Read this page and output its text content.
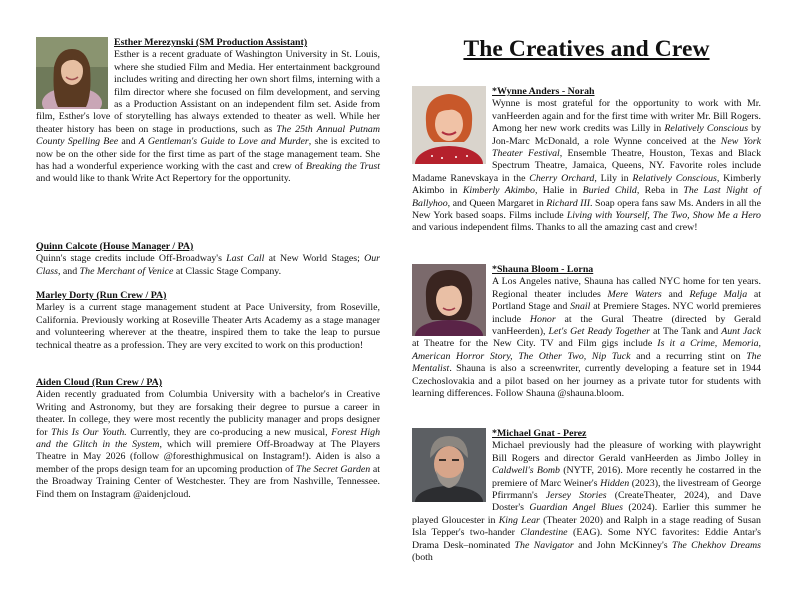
Esther Merezynski (SM Production Assistant)
Esther is a recent graduate of Washington University in St. Louis, where she studied Film and Media. Her entertainment background includes writing and directing her own short films, interning with a film director where she focused on film development, and serving as a Production Assistant on an independent film set. Aside from film, Esther's love of storytelling has always extended to theater as well. While her theater history has been on stage in productions, such as The 25th Annual Putnam County Spelling Bee and A Gentleman's Guide to Love and Murder, she is excited to now be on the other side for the first time as part of the stage management team. She has had a wonderful experience working with the cast and crew of Breaking the Trust and would like to thank Write Act Repertory for the opportunity.

Quinn Calcote (House Manager / PA)
Quinn's stage credits include Off-Broadway's Last Call at New World Stages; Our Class, and The Merchant of Venice at Classic Stage Company.

Marley Dorty (Run Crew / PA)
Marley is a current stage management student at Pace University, from Roseville, California. Previously working at Roseville Theater Arts Academy as a stage manager and volunteering wherever at the theatre, inspired them to take the leap to pursue technical theatre as a profession. They are very excited to work on this production!

Aiden Cloud (Run Crew / PA)
Aiden recently graduated from Columbia University with a bachelor's in Creative Writing and Astronomy, but they are forsaking their degree to pursue a career in theater. In college, they were most recently the publicity manager and props designer for This Is Our Youth. Currently, they are co-producing a new musical, Forest High and the Glitch in the System, which will premiere Off-Broadway at The Players Theatre in May 2026 (follow @foresthighmusical on Instagram!). Aiden is also a member of the props design team for an upcoming production of The Secret Garden at the Broadway Training Center of Westchester. They are from Nashville, Tennessee. Find them on Instagram @aidenjcloud.

The Creatives and Crew

*Wynne Anders - Norah
Wynne is most grateful for the opportunity to work with Mr. vanHeerden again and for the first time with writer Mr. Bill Rogers. Among her new work credits was Lilly in Relatively Conscious by Jon-Marc McDonald, a role Wynne conceived at the New York Theater Festival, Ensemble Theatre, Houston, Texas and Black Spectrum Theatre, Jamaica, Queens, NY. Favorite roles include Madame Ranevskaya in the Cherry Orchard, Lily in Relatively Conscious, Kimberly Akimbo in Kimberly Akimbo, Halie in Buried Child, Reba in The Last Night of Ballyhoo, and Queen Margaret in Richard III. Soap opera fans saw Ms. Anders in all the New York based soaps. Films include Living with Yourself, The Two, Show Me a Hero and various independent films. Thanks to all the amazing cast and crew!

*Shauna Bloom - Lorna
A Los Angeles native, Shauna has called NYC home for ten years. Regional theater includes Mere Waters and Refuge Malja at Portland Stage and Snail at Premiere Stages. NYC world premieres include Honor at the Gural Theatre (directed by Gerald vanHeerden), Let's Get Ready Together at The Tank and Aunt Jack at Theatre for the New City. TV and Film gigs include Is it a Crime, Memoria, American Horror Story, The Other Two, Nip Tuck and a recurring stint on The Mentalist. Shauna is also a screenwriter, currently developing a feature set in 1944 Czechoslovakia and a pilot based on her journey as a private tutor for students with learning differences. Follow Shauna @shauna.bloom.

*Michael Gnat - Perez
Michael previously had the pleasure of working with playwright Bill Rogers and director Gerald vanHeerden as Jimbo Jolley in Caldwell's Bomb (NYTF, 2016). More recently he costarred in the premiere of Marc Weiner's Hidden (2023), the livestream of George Pfirrmann's Jersey Stories (CreateTheater, 2024), and Dave Doster's Guardian Angel Blues (2024). Earlier this summer he played Gloucester in King Lear (Theater 2020) and Ralph in a stage reading of Susan Isla Tepper's two-hander Clandestine (EAG). Some NYC favorites: Eddie Antar's Drama Desk–nominated The Navigator and John McKinney's The Chekhov Dreams (both
